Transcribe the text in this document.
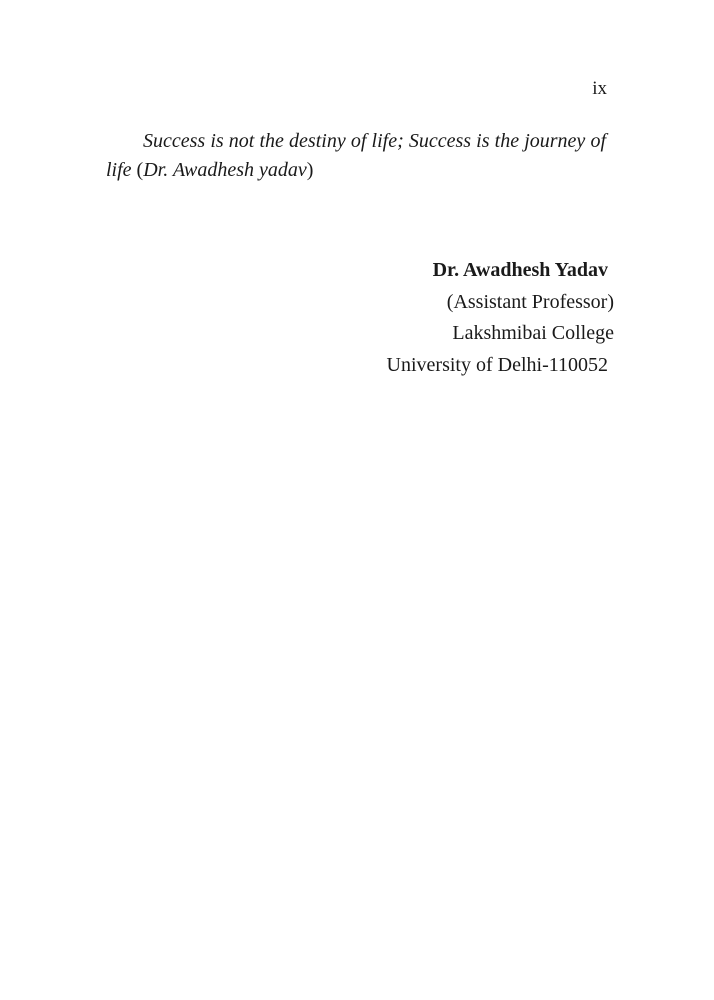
ix

Success is not the destiny of life; Success is the journey of life (Dr. Awadhesh yadav)

Dr. Awadhesh Yadav
(Assistant Professor)
Lakshmibai College
University of Delhi-110052
